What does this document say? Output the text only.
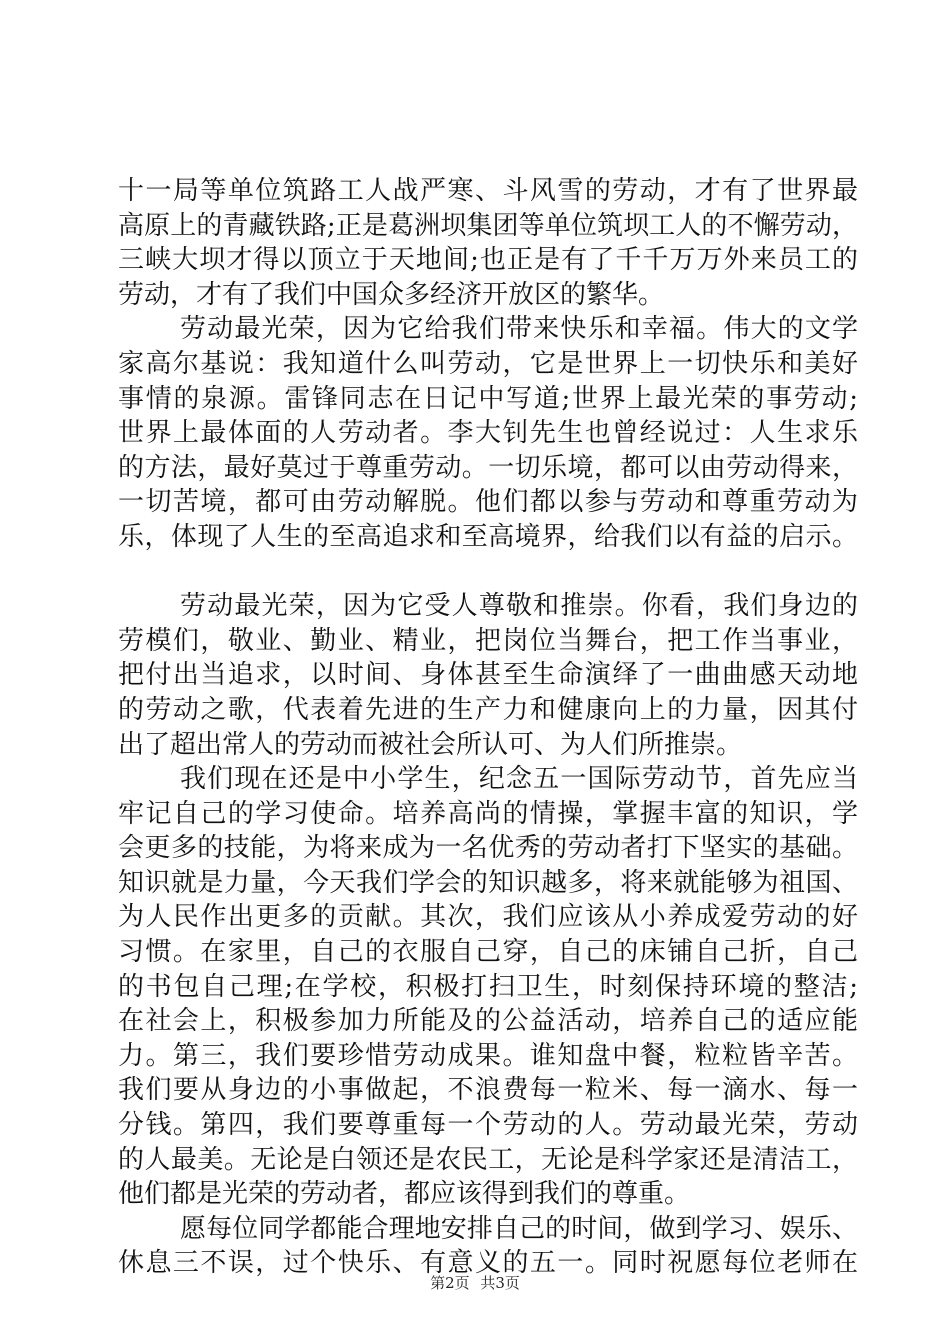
十一局等单位筑路工人战严寒、斗风雪的劳动，才有了世界最
高原上的青藏铁路;正是葛洲坝集团等单位筑坝工人的不懈劳动，
三峡大坝才得以顶立于天地间;也正是有了千千万万外来员工的
劳动，才有了我们中国众多经济开放区的繁华。
劳动最光荣，因为它给我们带来快乐和幸福。伟大的文学
家高尔基说：我知道什么叫劳动，它是世界上一切快乐和美好
事情的泉源。雷锋同志在日记中写道;世界上最光荣的事劳动;
世界上最体面的人劳动者。李大钊先生也曾经说过：人生求乐
的方法，最好莫过于尊重劳动。一切乐境，都可以由劳动得来，
一切苦境，都可由劳动解脱。他们都以参与劳动和尊重劳动为
乐，体现了人生的至高追求和至高境界，给我们以有益的启示。
劳动最光荣，因为它受人尊敬和推崇。你看，我们身边的
劳模们，敬业、勤业、精业，把岗位当舞台，把工作当事业，
把付出当追求，以时间、身体甚至生命演绎了一曲曲感天动地
的劳动之歌，代表着先进的生产力和健康向上的力量，因其付
出了超出常人的劳动而被社会所认可、为人们所推崇。
我们现在还是中小学生，纪念五一国际劳动节，首先应当
牢记自己的学习使命。培养高尚的情操，掌握丰富的知识，学
会更多的技能，为将来成为一名优秀的劳动者打下坚实的基础。
知识就是力量，今天我们学会的知识越多，将来就能够为祖国、
为人民作出更多的贡献。其次，我们应该从小养成爱劳动的好
习惯。在家里，自己的衣服自己穿，自己的床铺自己折，自己
的书包自己理;在学校，积极打扫卫生，时刻保持环境的整洁;
在社会上，积极参加力所能及的公益活动，培养自己的适应能
力。第三，我们要珍惜劳动成果。谁知盘中餐，粒粒皆辛苦。
我们要从身边的小事做起，不浪费每一粒米、每一滴水、每一
分钱。第四，我们要尊重每一个劳动的人。劳动最光荣，劳动
的人最美。无论是白领还是农民工，无论是科学家还是清洁工，
他们都是光荣的劳动者，都应该得到我们的尊重。
愿每位同学都能合理地安排自己的时间，做到学习、娱乐、
休息三不误，过个快乐、有意义的五一。同时祝愿每位老师在
第2页 共3页
